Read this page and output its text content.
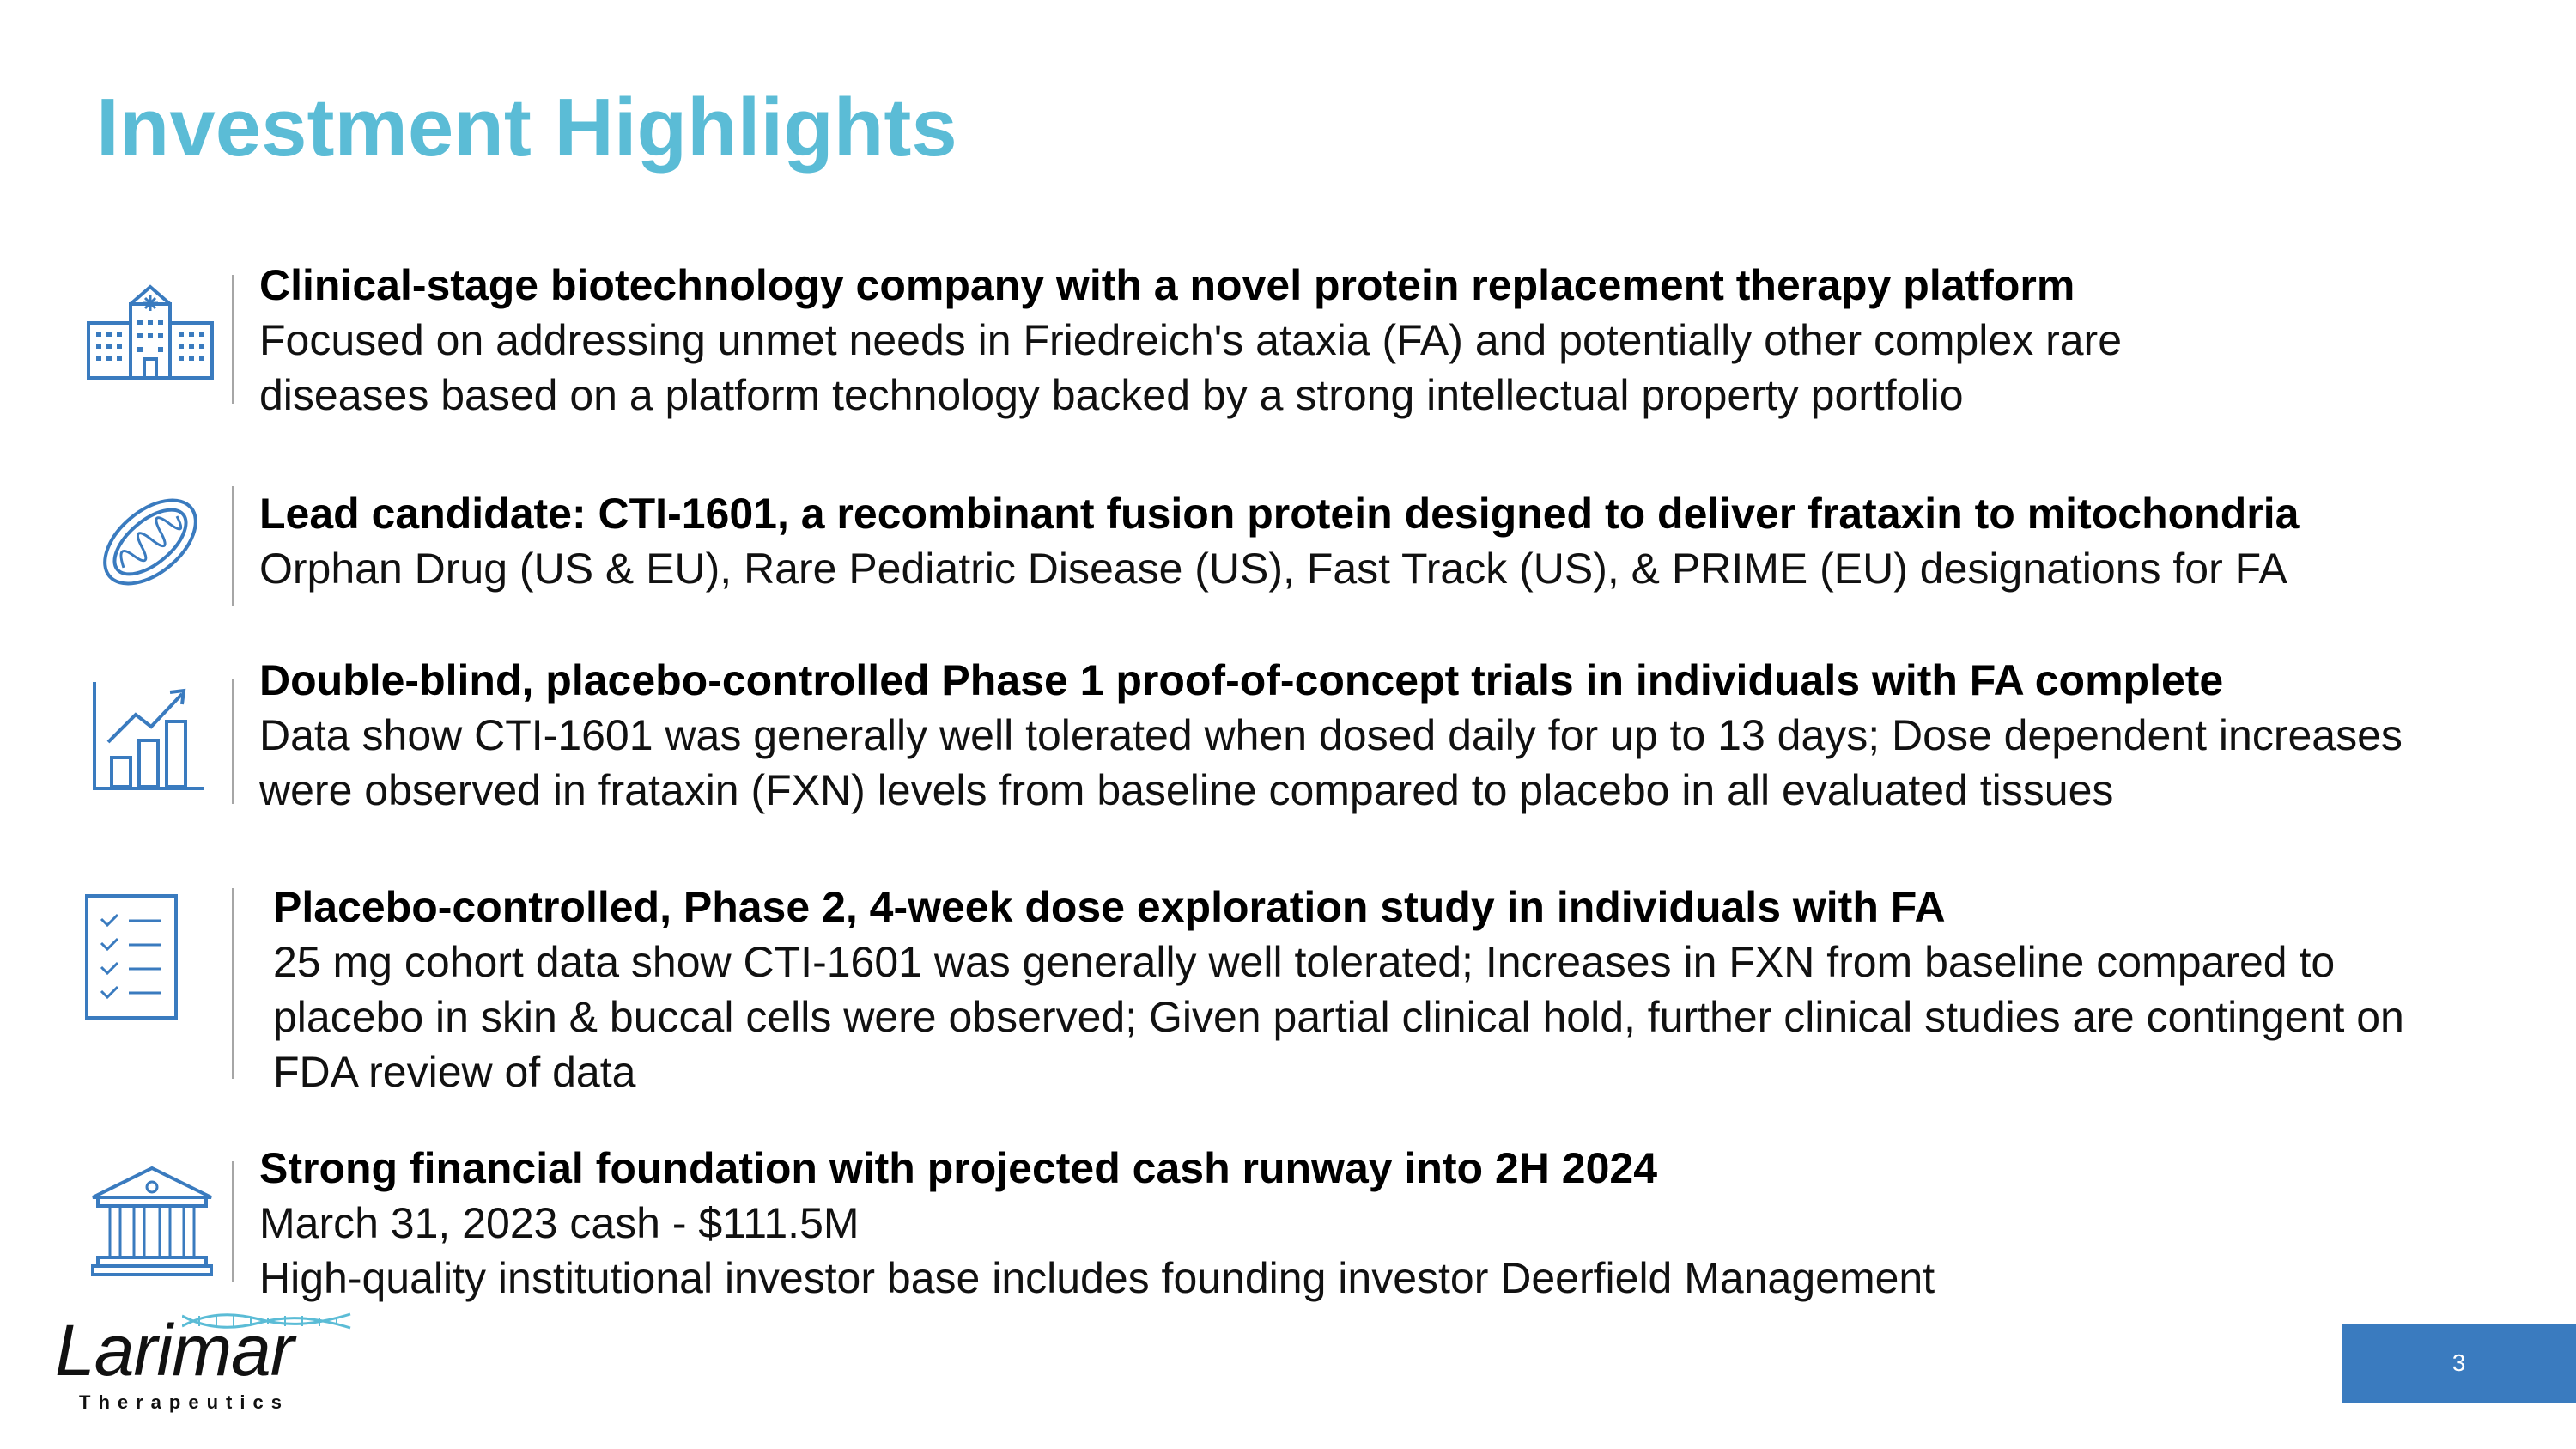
Investment Highlights
Clinical-stage biotechnology company with a novel protein replacement therapy platform
Focused on addressing unmet needs in Friedreich's ataxia (FA) and potentially other complex rare
diseases based on a platform technology backed by a strong intellectual property portfolio
Lead candidate: CTI-1601, a recombinant fusion protein designed to deliver frataxin to mitochondria
Orphan Drug (US & EU), Rare Pediatric Disease (US), Fast Track (US), & PRIME (EU) designations for FA
Double-blind, placebo-controlled Phase 1 proof-of-concept trials in individuals with FA complete
Data show CTI-1601 was generally well tolerated when dosed daily for up to 13 days; Dose dependent increases
were observed in frataxin (FXN) levels from baseline compared to placebo in all evaluated tissues
Placebo-controlled, Phase 2, 4-week dose exploration study in individuals with FA
25 mg cohort data show CTI-1601 was generally well tolerated; Increases in FXN from baseline compared to
placebo in skin & buccal cells were observed; Given partial clinical hold, further clinical studies are contingent on
FDA review of data
Strong financial foundation with projected cash runway into 2H 2024
March 31, 2023 cash - $111.5M
High-quality institutional investor base includes founding investor Deerfield Management
Larimar
Therapeutics
3
